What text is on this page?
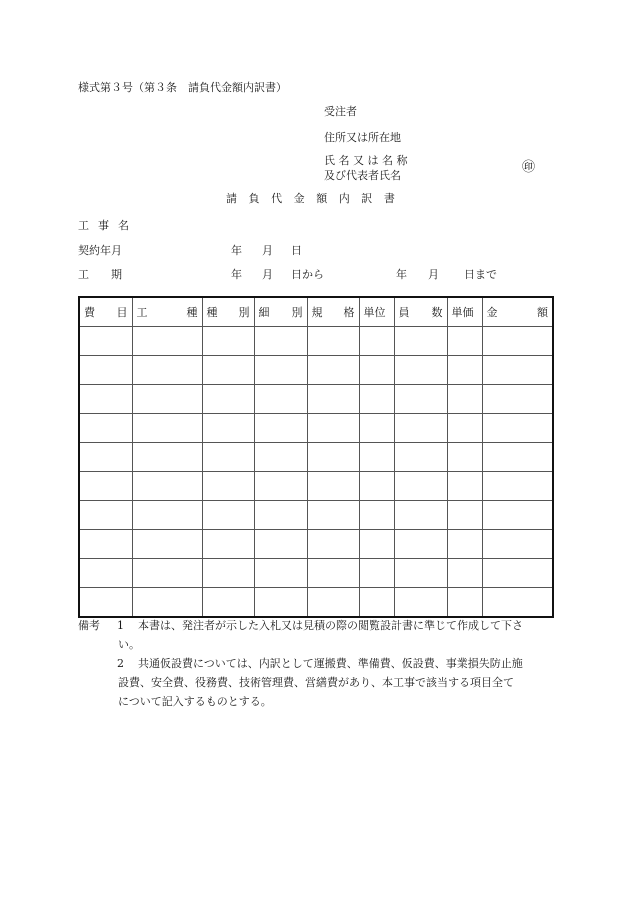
様式第３号（第３条　請負代金額内訳書）
受注者
住所又は所在地
氏 名 又 は 名 称
及び代表者氏名
㊞
請負代金額内訳書
工 事 名
契約年月	年 月 日
工　　期	年 月 日から	年 月 日まで
費 目	工 種	種 別	細 別	規 格	単位	員 数	単価	金 額

備考 1 本書は、発注者が示した入札又は見積の際の閲覧設計書に準じて作成して下さ
い。
2 共通仮設費については、内訳として運搬費、準備費、仮設費、事業損失防止施
設費、安全費、役務費、技術管理費、営繕費があり、本工事で該当する項目全て
について記入するものとする。
